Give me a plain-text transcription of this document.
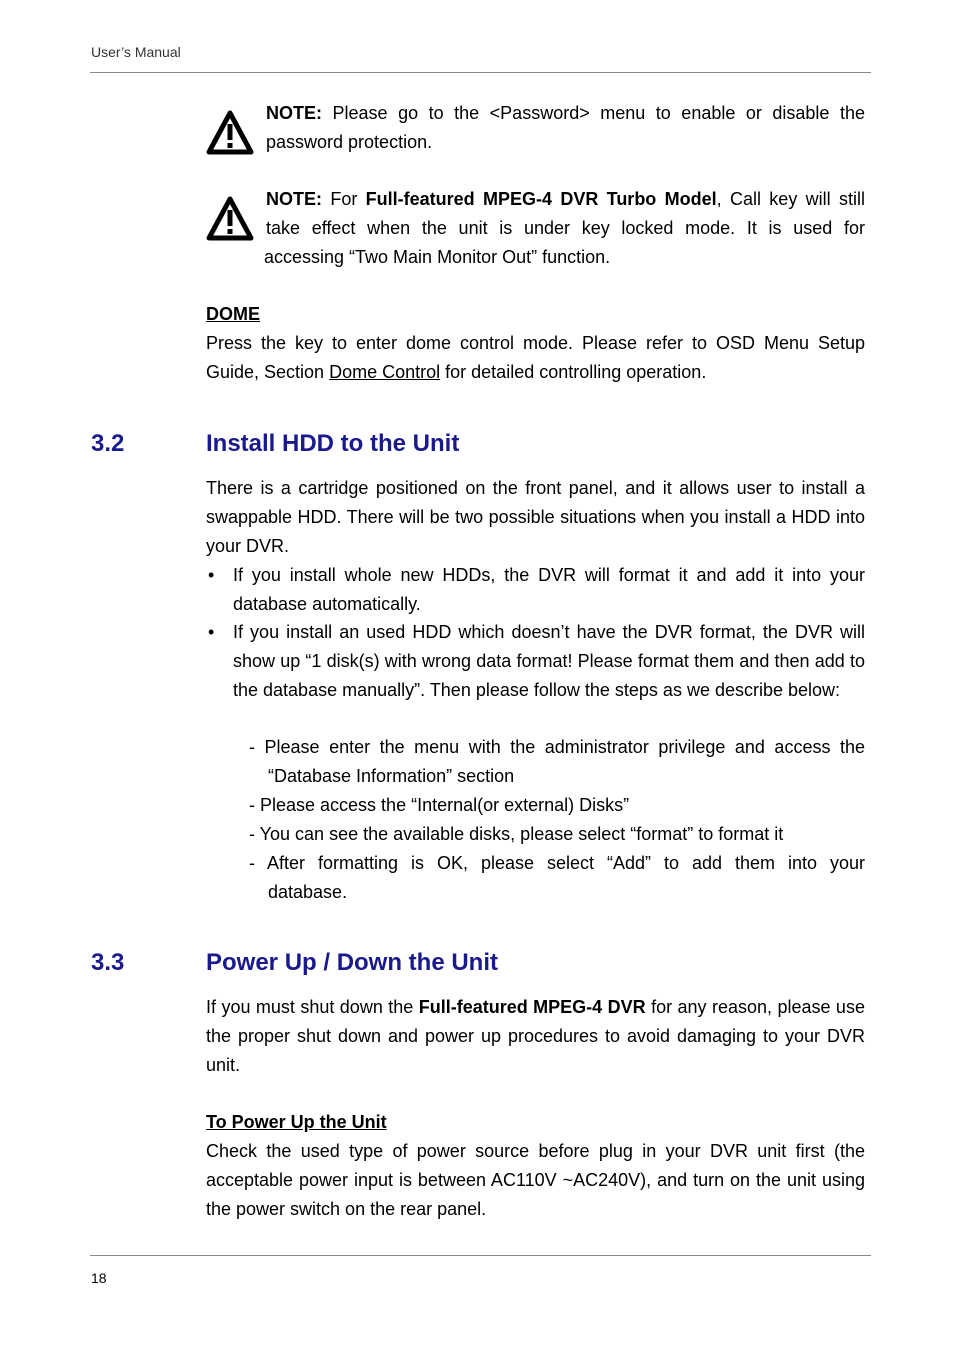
User’s Manual
NOTE: Please go to the <Password> menu to enable or disable the password protection.
NOTE: For Full-featured MPEG-4 DVR Turbo Model, Call key will still
take effect when the unit is under key locked mode. It is used for
accessing “Two Main Monitor Out” function.
DOME
Press the key to enter dome control mode. Please refer to OSD Menu Setup Guide, Section Dome Control for detailed controlling operation.
3.2	Install HDD to the Unit
There is a cartridge positioned on the front panel, and it allows user to install a swappable HDD. There will be two possible situations when you install a HDD into your DVR.
• If you install whole new HDDs, the DVR will format it and add it into your database automatically.
• If you install an used HDD which doesn’t have the DVR format, the DVR will show up “1 disk(s) with wrong data format! Please format them and then add to the database manually”. Then please follow the steps as we describe below:
- Please enter the menu with the administrator privilege and access the
“Database Information” section
- Please access the “Internal(or external) Disks”
- You can see the available disks, please select “format” to format it
- After formatting is OK, please select “Add” to add them into your
database.
3.3	Power Up / Down the Unit
If you must shut down the Full-featured MPEG-4 DVR for any reason, please use the proper shut down and power up procedures to avoid damaging to your DVR unit.
To Power Up the Unit
Check the used type of power source before plug in your DVR unit first (the acceptable power input is between AC110V ~AC240V), and turn on the unit using the power switch on the rear panel.
18
